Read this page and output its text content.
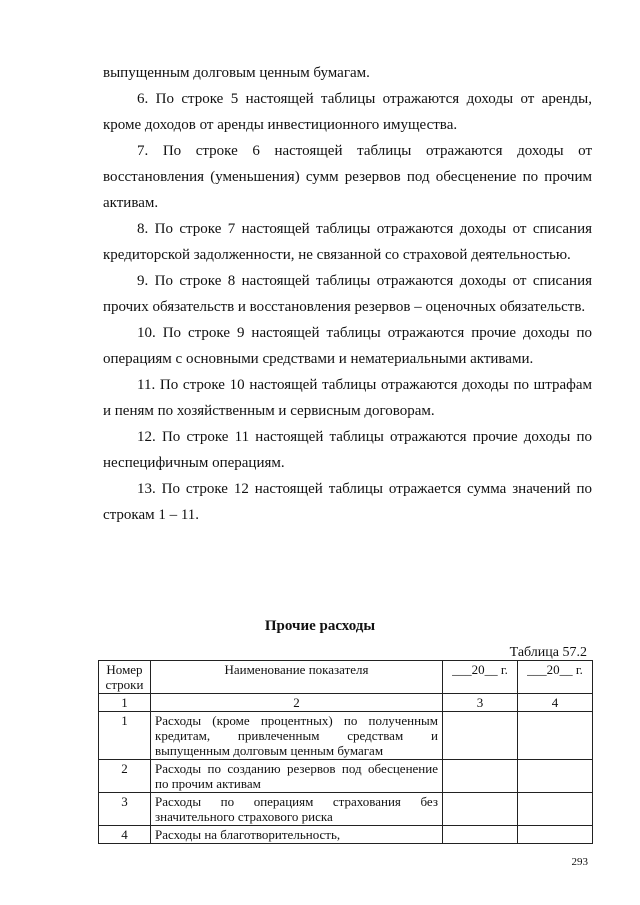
выпущенным долговым ценным бумагам.
6. По строке 5 настоящей таблицы отражаются доходы от аренды, кроме доходов от аренды инвестиционного имущества.
7. По строке 6 настоящей таблицы отражаются доходы от восстановления (уменьшения) сумм резервов под обесценение по прочим активам.
8. По строке 7 настоящей таблицы отражаются доходы от списания кредиторской задолженности, не связанной со страховой деятельностью.
9. По строке 8 настоящей таблицы отражаются доходы от списания прочих обязательств и восстановления резервов – оценочных обязательств.
10. По строке 9 настоящей таблицы отражаются прочие доходы по операциям с основными средствами и нематериальными активами.
11. По строке 10 настоящей таблицы отражаются доходы по штрафам и пеням по хозяйственным и сервисным договорам.
12. По строке 11 настоящей таблицы отражаются прочие доходы по неспецифичным операциям.
13. По строке 12 настоящей таблицы отражается сумма значений по строкам 1 – 11.
Прочие расходы
Таблица 57.2
Номер строки	Наименование показателя	___20__ г.	___20__ г.
1	2	3	4
1	Расходы (кроме процентных) по полученным кредитам, привлеченным средствам и выпущенным долговым ценным бумагам		
2	Расходы по созданию резервов под обесценение по прочим активам		
3	Расходы по операциям страхования без значительного страхового риска		
4	Расходы на благотворительность,		
293
